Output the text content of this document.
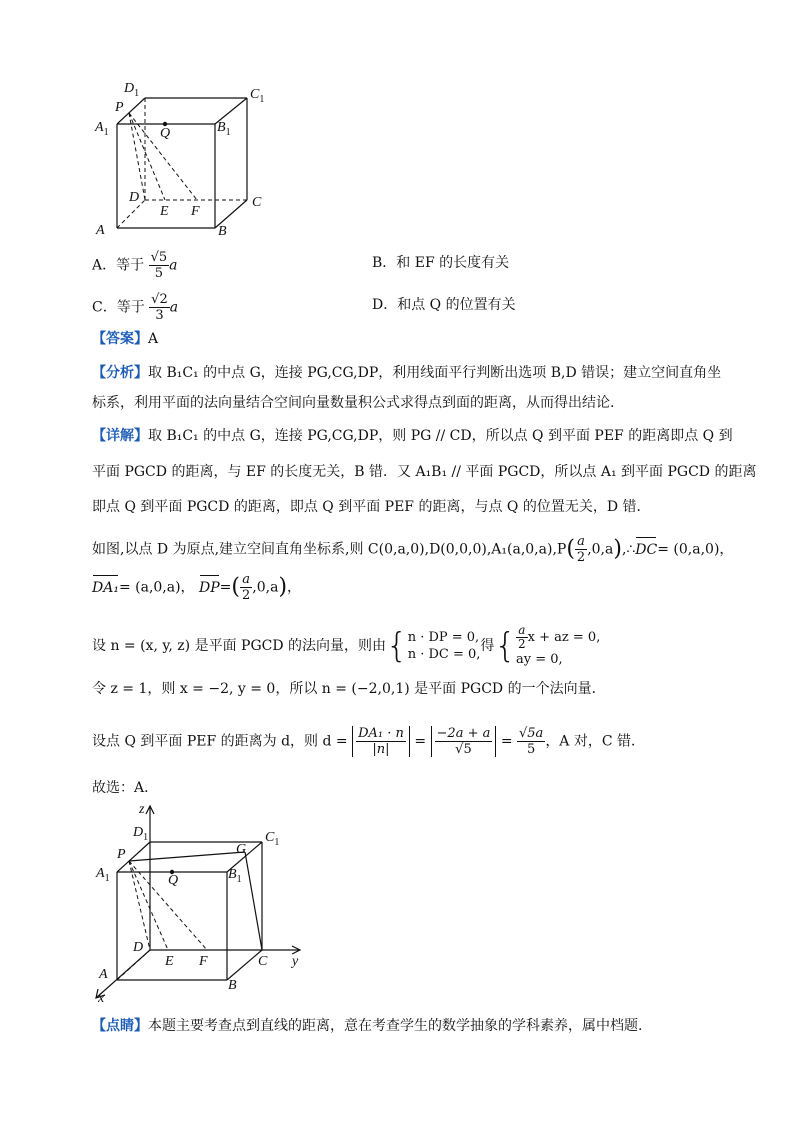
$D_1$	$C_1$
P
$A_1$	Q	$B_1$
D
E F
C
A	B
A．等于 $\frac{√5}{5}$ a	B．和 EF 的长度有关
C．等于 $\frac{√2}{3}$ a	D．和点 Q 的位置有关
【答案】A
【分析】取 B₁C₁ 的中点 G，连接 PG,CG,DP，利用线面平行判断出选项 B,D 错误；建立空间直角坐
标系，利用平面的法向量结合空间向量数量积公式求得点到面的距离，从而得出结论.
【详解】取 B₁C₁ 的中点 G，连接 PG,CG,DP，则 PG // CD，所以点 Q 到平面 PEF 的距离即点 Q 到
平面 PGCD 的距离，与 EF 的长度无关，B 错．又 A₁B₁ // 平面 PGCD，所以点 A₁ 到平面 PGCD 的距离
即点 Q 到平面 PGCD 的距离，即点 Q 到平面 PEF 的距离，与点 Q 的位置无关，D 错．
如图,以点 D 为原点,建立空间直角坐标系,则 $C(0,a,0),D(0,0,0),A_1(a,0,a),P( \frac{a}{2}$ ,0,a),∴DC= (0,a,0)，
DA₁= (a,0,a)， $DP=( \frac{a}{2} ,0,a)$，
设 n = (x, y, z) 是平面 PGCD 的法向量，则由{n · DP = 0,
n · DC = 0,得{ $\frac{a}{2}$ x + az = 0,
ay = 0,
令 z = 1，则 x = −2, y = 0，所以 n = (−2,0,1) 是平面 PGCD 的一个法向量．
设点 Q 到平面 PEF 的距离为 d，则 $d = \frac{\text{DA₁ · n}}{|n|} = \frac{-2a + a}{√5} = \frac{√5a}{5}$ ，A 对，C 错．
故选：A．
z
$D_1$	$C_1$
P	G
$A_1$	Q	$B_1$
D
E F	C y
A
B
x
【点睛】本题主要考查点到直线的距离，意在考查学生的数学抽象的学科素养，属中档题.
